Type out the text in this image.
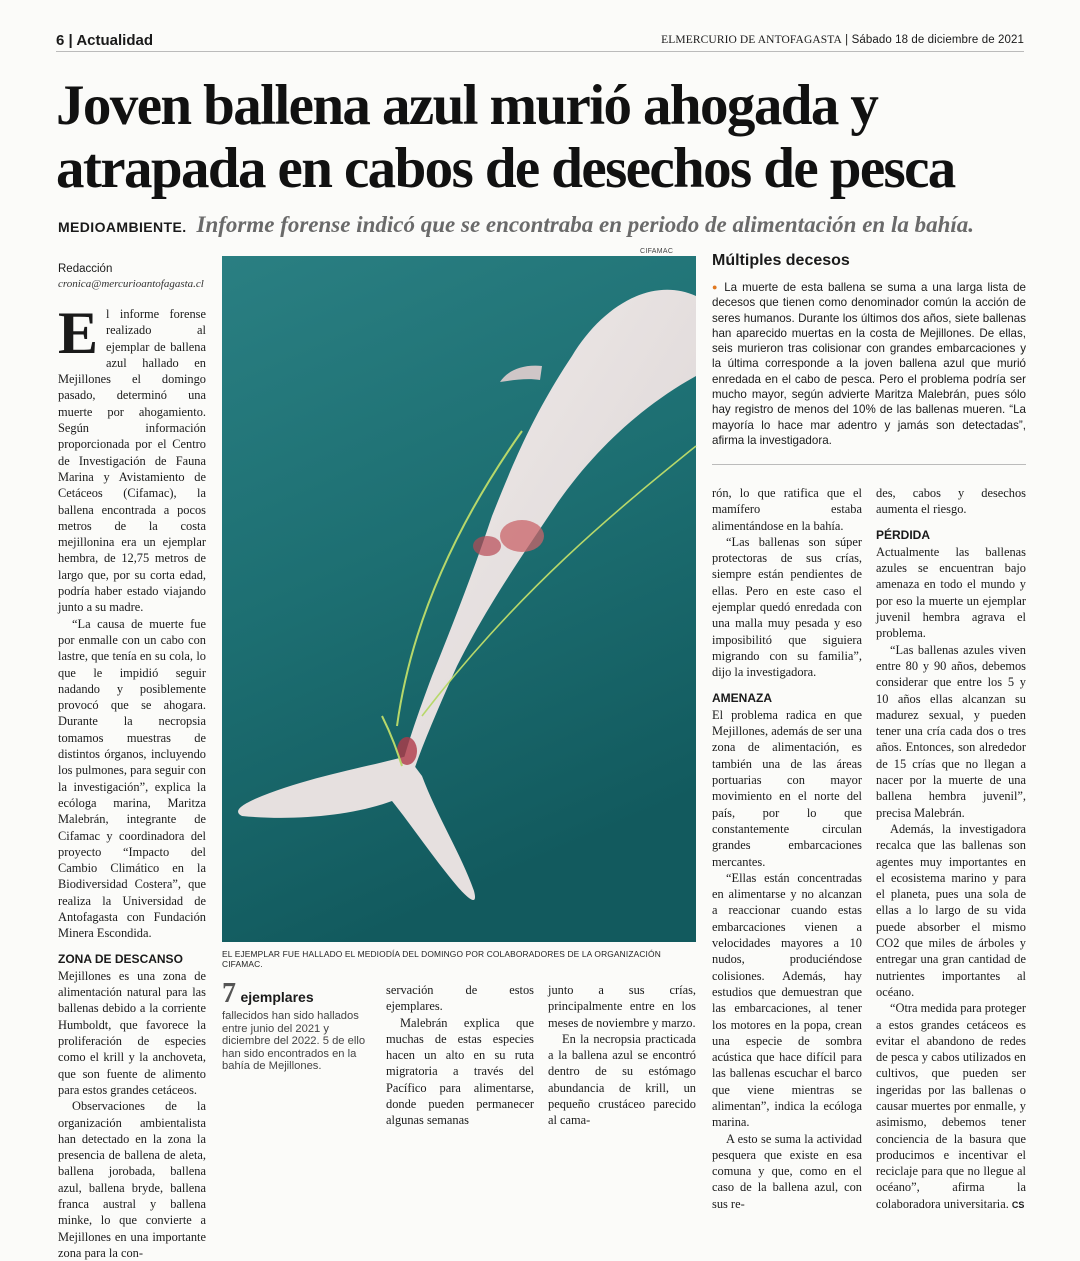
6 | Actualidad	ELMERCURIO DE ANTOFAGASTA | Sábado 18 de diciembre de 2021
Joven ballena azul murió ahogada y atrapada en cabos de desechos de pesca
MEDIOAMBIENTE. Informe forense indicó que se encontraba en periodo de alimentación en la bahía.
Redacción
cronica@mercurioantofagasta.cl

El informe forense realizado al ejemplar de ballena azul hallado en Mejillones el domingo pasado, determinó una muerte por ahogamiento. Según información proporcionada por el Centro de Investigación de Fauna Marina y Avistamiento de Cetáceos (Cifamac), la ballena encontrada a pocos metros de la costa mejillonina era un ejemplar hembra, de 12,75 metros de largo que, por su corta edad, podría haber estado viajando junto a su madre.

“La causa de muerte fue por enmalle con un cabo con lastre, que tenía en su cola, lo que le impidió seguir nadando y posiblemente provocó que se ahogara. Durante la necropsia tomamos muestras de distintos órganos, incluyendo los pulmones, para seguir con la investigación”, explica la ecóloga marina, Maritza Malebrán, integrante de Cifamac y coordinadora del proyecto “Impacto del Cambio Climático en la Biodiversidad Costera”, que realiza la Universidad de Antofagasta con Fundación Minera Escondida.

ZONA DE DESCANSO

Mejillones es una zona de alimentación natural para las ballenas debido a la corriente Humboldt, que favorece la proliferación de especies como el krill y la anchoveta, que son fuente de alimento para estos grandes cetáceos.

Observaciones de la organización ambientalista han detectado en la zona la presencia de ballena de aleta, ballena jorobada, ballena azul, ballena bryde, ballena franca austral y ballena minke, lo que convierte a Mejillones en una importante zona para la con-

CIFAMAC
EL EJEMPLAR FUE HALLADO EL MEDIODÍA DEL DOMINGO POR COLABORADORES DE LA ORGANIZACIÓN CIFAMAC.
Múltiples decesos
● La muerte de esta ballena se suma a una larga lista de decesos que tienen como denominador común la acción de seres humanos. Durante los últimos dos años, siete ballenas han aparecido muertas en la costa de Mejillones. De ellas, seis murieron tras colisionar con grandes embarcaciones y la última corresponde a la joven ballena azul que murió enredada en el cabo de pesca. Pero el problema podría ser mucho mayor, según advierte Maritza Malebrán, pues sólo hay registro de menos del 10% de las ballenas mueren. “La mayoría lo hace mar adentro y jamás son detectadas”, afirma la investigadora.
7 ejemplares
fallecidos han sido hallados entre junio del 2021 y diciembre del 2022. 5 de ello han sido encontrados en la bahía de Mejillones.

servación de estos ejemplares.

Malebrán explica que muchas de estas especies hacen un alto en su ruta migratoria a través del Pacífico para alimentarse, donde pueden permanecer algunas semanas

junto a sus crías, principalmente entre en los meses de noviembre y marzo.

En la necropsia practicada a la ballena azul se encontró dentro de su estómago abundancia de krill, un pequeño crustáceo parecido al cama-

rón, lo que ratifica que el mamífero estaba alimentándose en la bahía.

“Las ballenas son súper protectoras de sus crías, siempre están pendientes de ellas. Pero en este caso el ejemplar quedó enredada con una malla muy pesada y eso imposibilitó que siguiera migrando con su familia”, dijo la investigadora.

AMENAZA

El problema radica en que Mejillones, además de ser una zona de alimentación, es también una de las áreas portuarias con mayor movimiento en el norte del país, por lo que constantemente circulan grandes embarcaciones mercantes.

“Ellas están concentradas en alimentarse y no alcanzan a reaccionar cuando estas embarcaciones vienen a velocidades mayores a 10 nudos, produciéndose colisiones. Además, hay estudios que demuestran que las embarcaciones, al tener los motores en la popa, crean una especie de sombra acústica que hace difícil para las ballenas escuchar el barco que viene mientras se alimentan”, indica la ecóloga marina.

A esto se suma la actividad pesquera que existe en esa comuna y que, como en el caso de la ballena azul, con sus re-

des, cabos y desechos aumenta el riesgo.

PÉRDIDA

Actualmente las ballenas azules se encuentran bajo amenaza en todo el mundo y por eso la muerte un ejemplar juvenil hembra agrava el problema.

“Las ballenas azules viven entre 80 y 90 años, debemos considerar que entre los 5 y 10 años ellas alcanzan su madurez sexual, y pueden tener una cría cada dos o tres años. Entonces, son alrededor de 15 crías que no llegan a nacer por la muerte de una ballena hembra juvenil”, precisa Malebrán.

Además, la investigadora recalca que las ballenas son agentes muy importantes en el ecosistema marino y para el planeta, pues una sola de ellas a lo largo de su vida puede absorber el mismo CO2 que miles de árboles y entregar una gran cantidad de nutrientes importantes al océano.

“Otra medida para proteger a estos grandes cetáceos es evitar el abandono de redes de pesca y cabos utilizados en cultivos, que pueden ser ingeridas por las ballenas o causar muertes por enmalle, y asimismo, debemos tener conciencia de la basura que producimos e incentivar el reciclaje para que no llegue al océano”, afirma la colaboradora universitaria. CS
